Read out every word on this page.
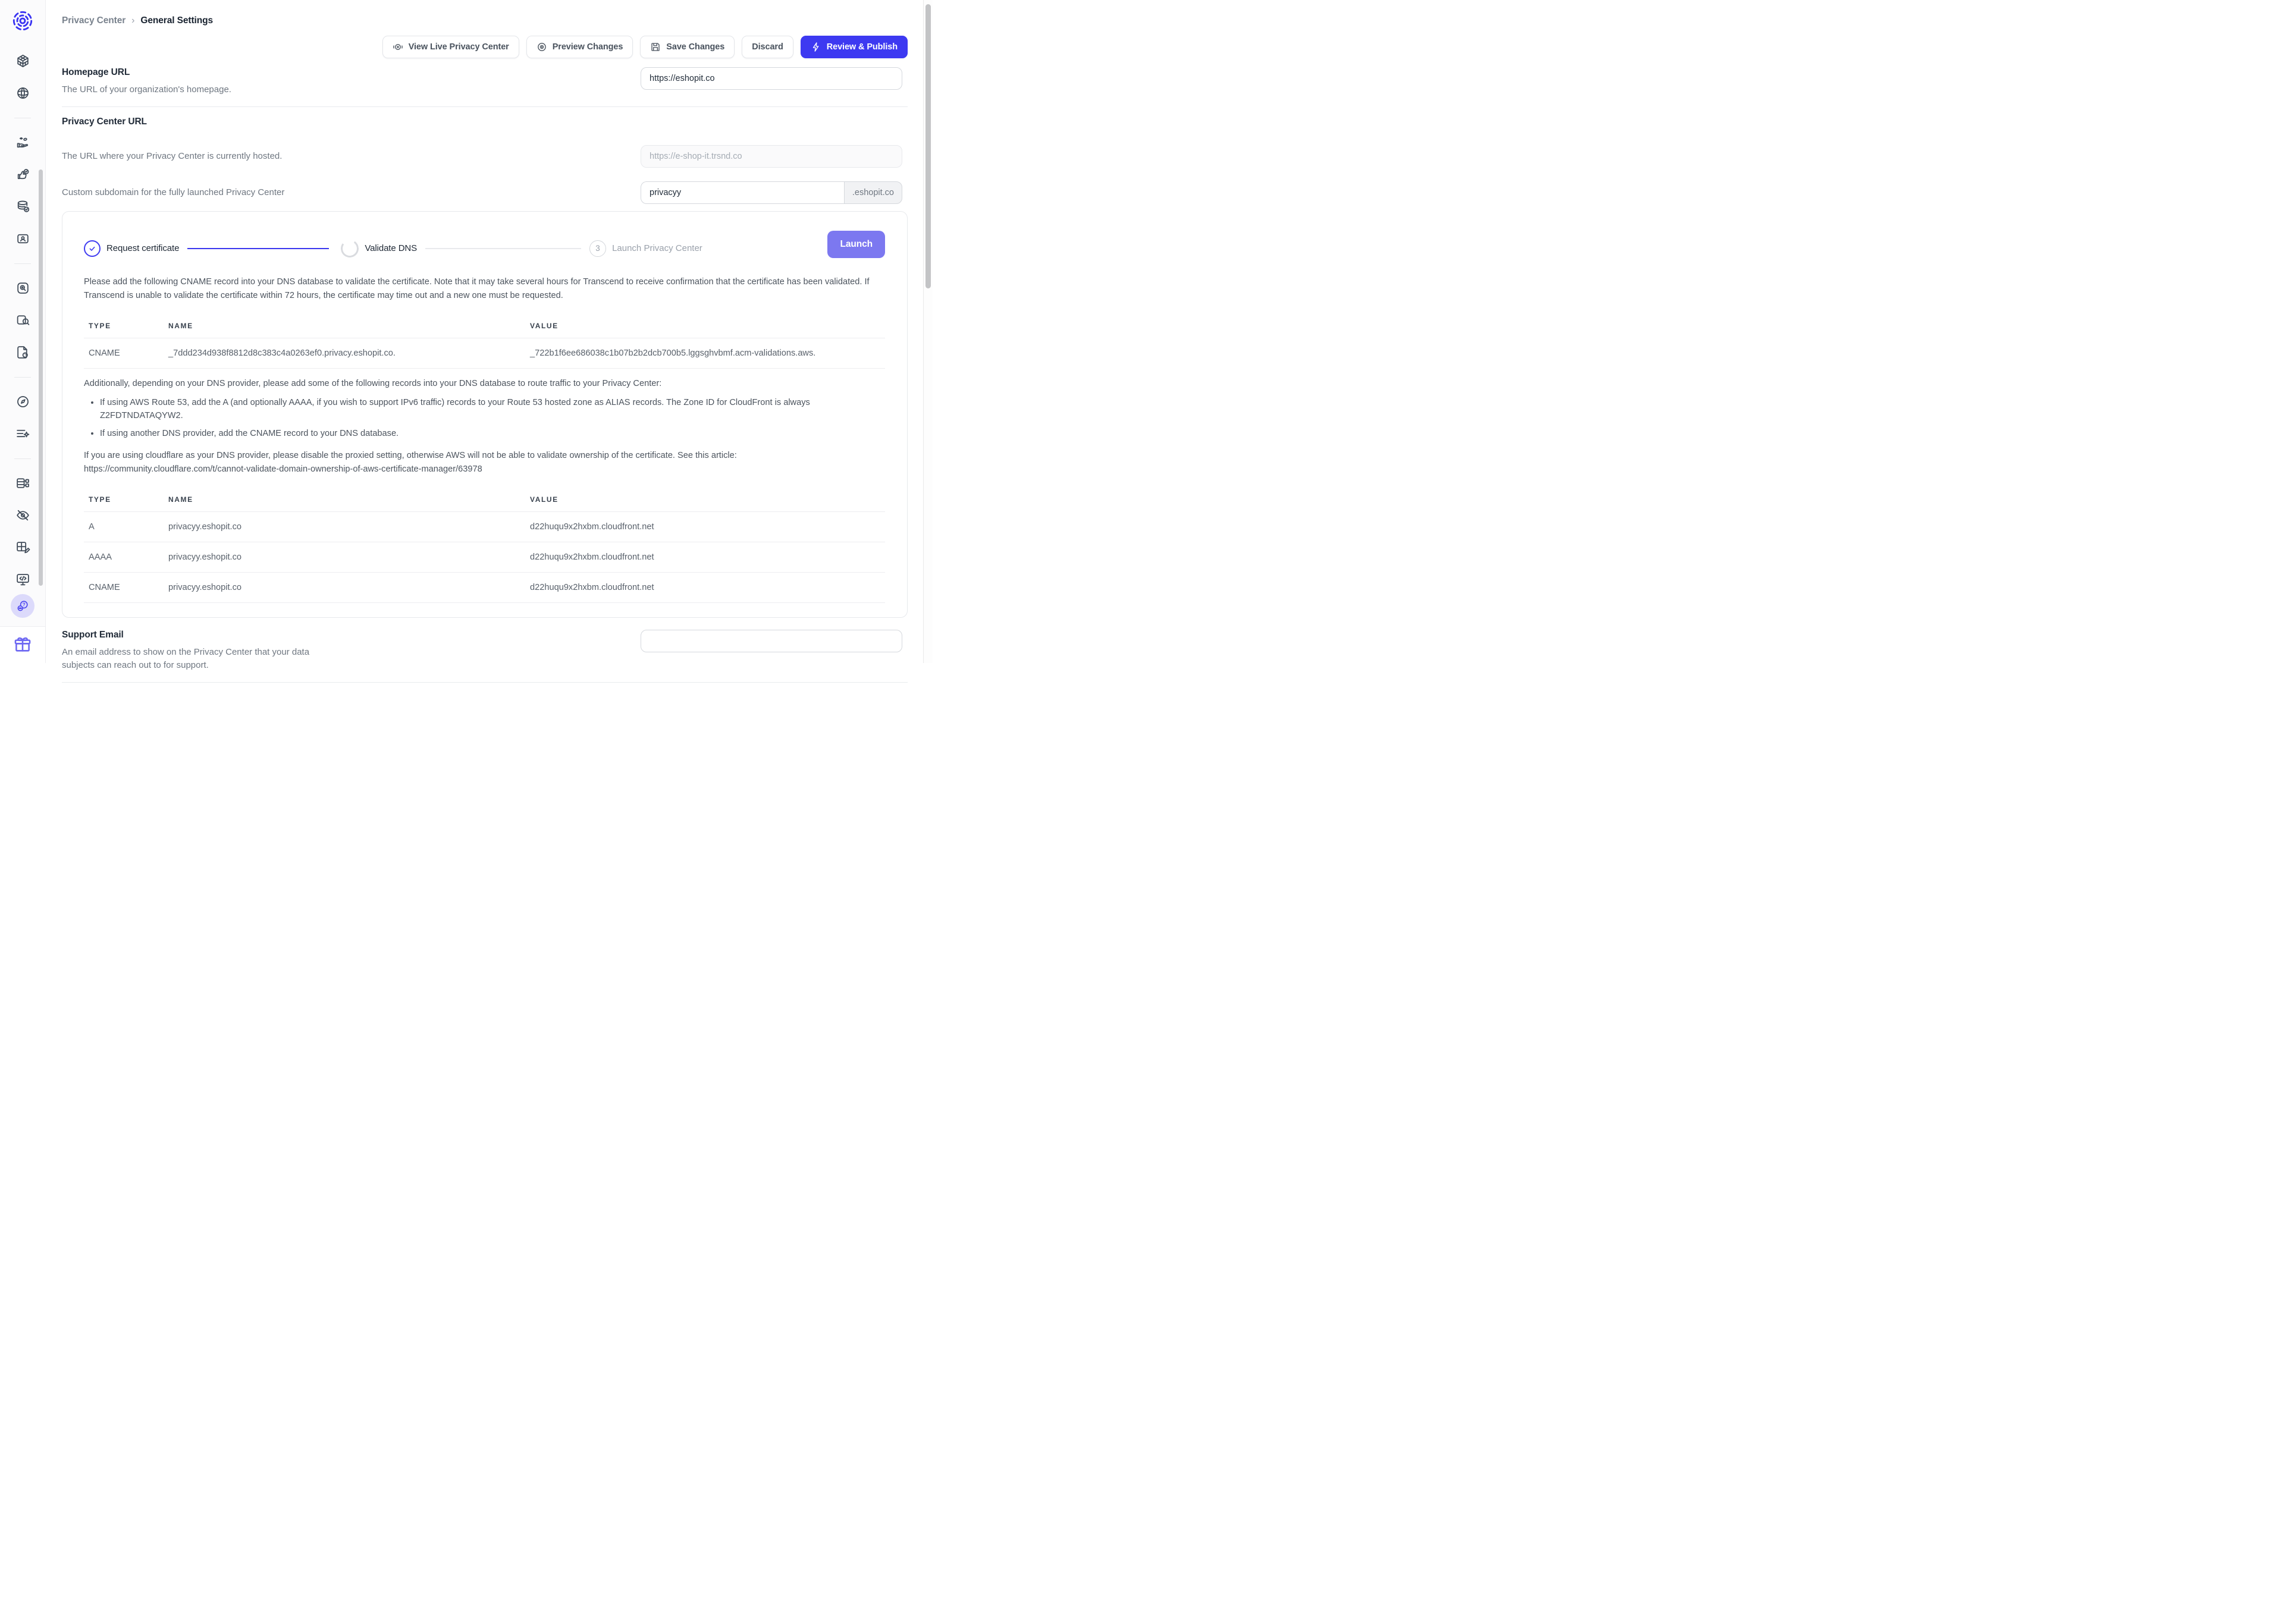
?
?
Privacy Center › General Settings
View Live Privacy Center	Preview Changes	Save Changes	Discard	Review & Publish
Homepage URL
The URL of your organization's homepage.
https://eshopit.co
Privacy Center URL
The URL where your Privacy Center is currently hosted.
https://e-shop-it.trsnd.co
Custom subdomain for the fully launched Privacy Center
privacyy	.eshopit.co
Request certificate	Validate DNS	3	Launch Privacy Center	Launch

Please add the following CNAME record into your DNS database to validate the certificate. Note that it may take several hours for Transcend to receive confirmation that the certificate has been validated. If Transcend is unable to validate the certificate within 72 hours, the certificate may time out and a new one must be requested.

TYPE	NAME	VALUE
CNAME	_7ddd234d938f8812d8c383c4a0263ef0.privacy.eshopit.co.	_722b1f6ee686038c1b07b2b2dcb700b5.lggsghvbmf.acm-validations.aws.

Additionally, depending on your DNS provider, please add some of the following records into your DNS database to route traffic to your Privacy Center:

• If using AWS Route 53, add the A (and optionally AAAA, if you wish to support IPv6 traffic) records to your Route 53 hosted zone as ALIAS records. The Zone ID for CloudFront is always Z2FDTNDATAQYW2.
• If using another DNS provider, add the CNAME record to your DNS database.

If you are using cloudflare as your DNS provider, please disable the proxied setting, otherwise AWS will not be able to validate ownership of the certificate. See this article: https://community.cloudflare.com/t/cannot-validate-domain-ownership-of-aws-certificate-manager/63978

TYPE	NAME	VALUE
A	privacyy.eshopit.co	d22huqu9x2hxbm.cloudfront.net
AAAA	privacyy.eshopit.co	d22huqu9x2hxbm.cloudfront.net
CNAME	privacyy.eshopit.co	d22huqu9x2hxbm.cloudfront.net
Support Email
An email address to show on the Privacy Center that your data subjects can reach out to for support.
